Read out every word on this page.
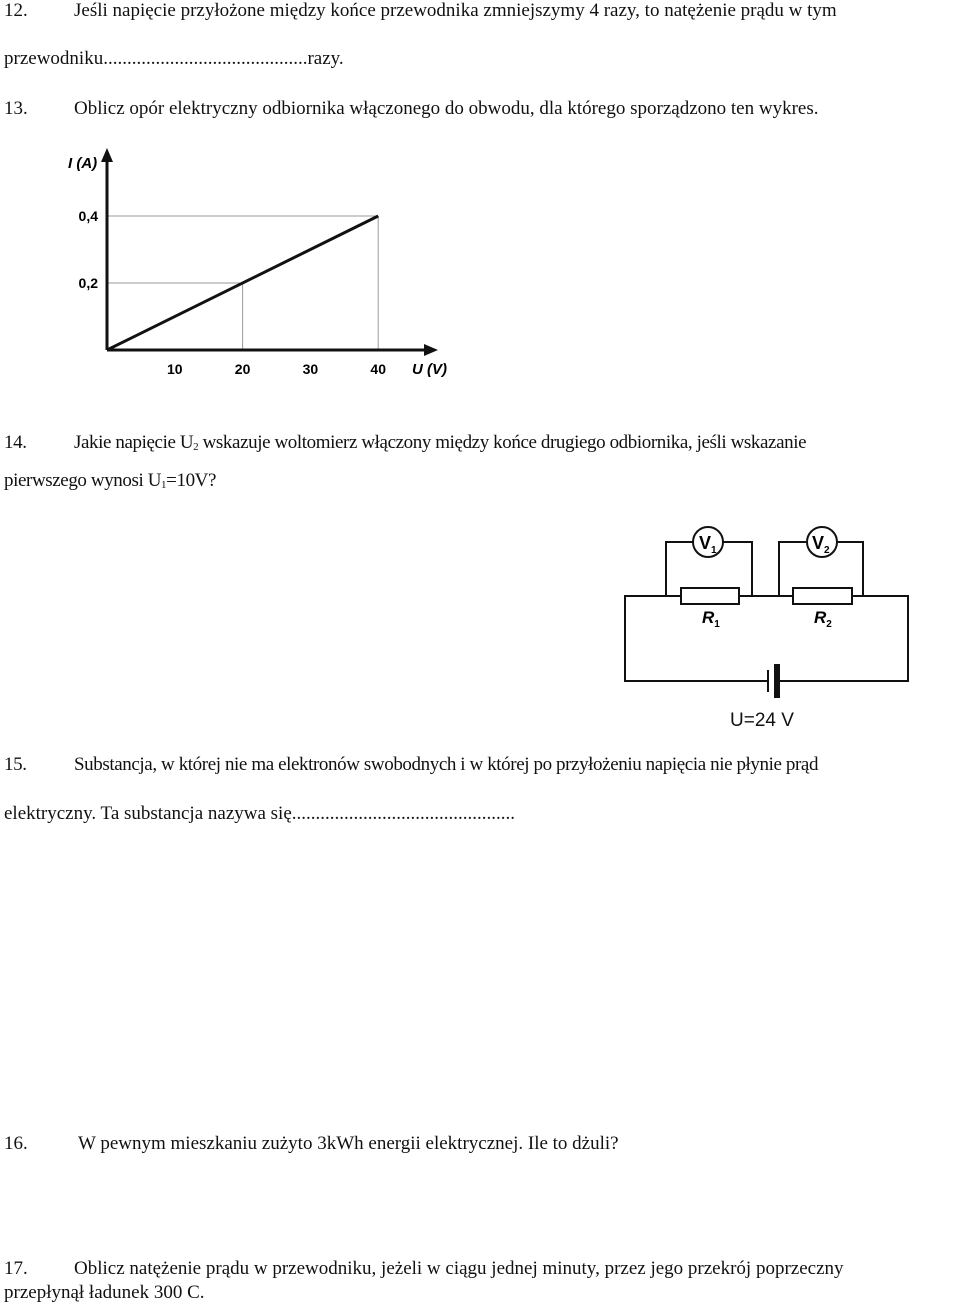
12. Jeśli napięcie przyłożone między końce przewodnika zmniejszymy 4 razy, to natężenie prądu w tym
przewodniku...........................................razy.
13. Oblicz opór elektryczny odbiornika włączonego do obwodu, dla którego sporządzono ten wykres.
10	20	30	40
0,2
0,4
I (A)
U (V)
14. Jakie napięcie $U_2$ wskazuje woltomierz włączony między końce drugiego odbiornika, jeśli wskazanie
pierwszego wynosi $U_1=10V$?
$V_1$	$V_2$
$R_1$	$R_2$
U=24 V
15. Substancja, w której nie ma elektronów swobodnych i w której po przyłożeniu napięcia nie płynie prąd
elektryczny. Ta substancja nazywa się...............................................
16.	W pewnym mieszkaniu zużyto 3kWh energii elektrycznej. Ile to dżuli?
17. Oblicz natężenie prądu w przewodniku, jeżeli w ciągu jednej minuty, przez jego przekrój poprzeczny
przepłynął ładunek 300 C.
